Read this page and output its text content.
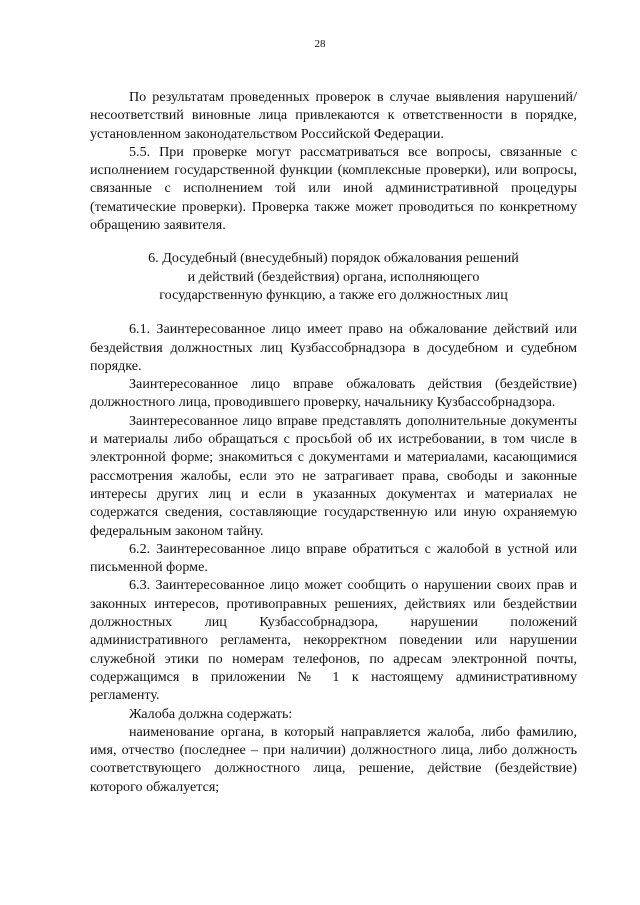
28

По результатам проведенных проверок в случае выявления нарушений/несоответствий виновные лица привлекаются к ответственности в порядке, установленном законодательством Российской Федерации.

5.5. При проверке могут рассматриваться все вопросы, связанные с исполнением государственной функции (комплексные проверки), или вопросы, связанные с исполнением той или иной административной процедуры (тематические проверки). Проверка также может проводиться по конкретному обращению заявителя.

6. Досудебный (внесудебный) порядок обжалования решений
и действий (бездействия) органа, исполняющего
государственную функцию, а также его должностных лиц

6.1. Заинтересованное лицо имеет право на обжалование действий или бездействия должностных лиц Кузбассобрнадзора в досудебном и судебном порядке.

Заинтересованное лицо вправе обжаловать действия (бездействие) должностного лица, проводившего проверку, начальнику Кузбассобрнадзора.

Заинтересованное лицо вправе представлять дополнительные документы и материалы либо обращаться с просьбой об их истребовании, в том числе в электронной форме; знакомиться с документами и материалами, касающимися рассмотрения жалобы, если это не затрагивает права, свободы и законные интересы других лиц и если в указанных документах и материалах не содержатся сведения, составляющие государственную или иную охраняемую федеральным законом тайну.

6.2. Заинтересованное лицо вправе обратиться с жалобой в устной или письменной форме.

6.3. Заинтересованное лицо может сообщить о нарушении своих прав и законных интересов, противоправных решениях, действиях или бездействии должностных лиц Кузбассобрнадзора, нарушении положений административного регламента, некорректном поведении или нарушении служебной этики по номерам телефонов, по адресам электронной почты, содержащимся в приложении № 1 к настоящему административному регламенту.

Жалоба должна содержать:

наименование органа, в который направляется жалоба, либо фамилию, имя, отчество (последнее – при наличии) должностного лица, либо должность соответствующего должностного лица, решение, действие (бездействие) которого обжалуется;
